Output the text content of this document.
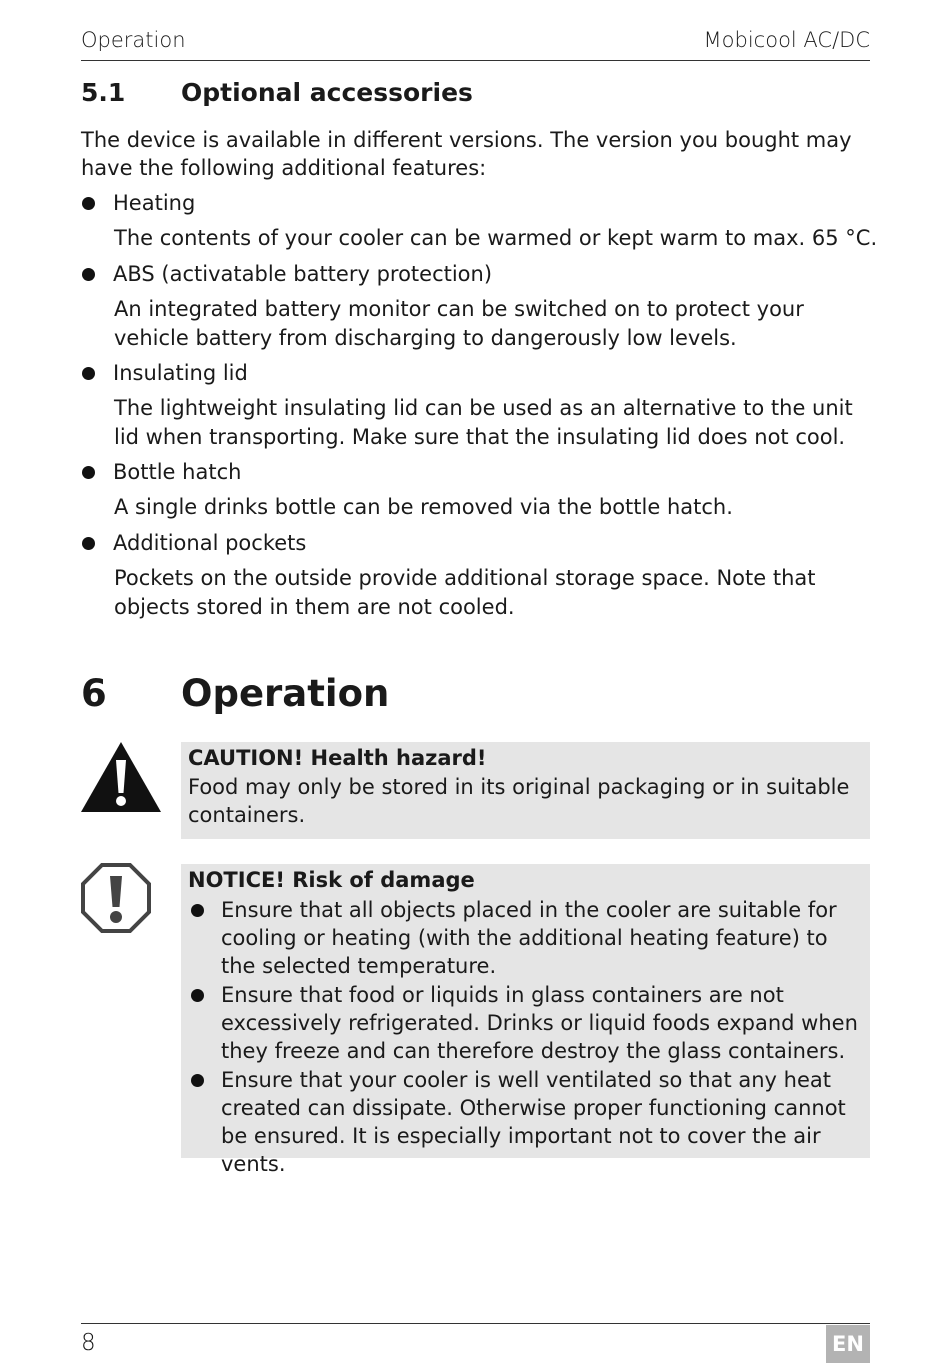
Operation	Mobicool AC/DC
5.1 Optional accessories
The device is available in different versions. The version you bought may have the following additional features:
Heating
The contents of your cooler can be warmed or kept warm to max. 65 °C.
ABS (activatable battery protection)
An integrated battery monitor can be switched on to protect your vehicle battery from discharging to dangerously low levels.
Insulating lid
The lightweight insulating lid can be used as an alternative to the unit lid when transporting. Make sure that the insulating lid does not cool.
Bottle hatch
A single drinks bottle can be removed via the bottle hatch.
Additional pockets
Pockets on the outside provide additional storage space. Note that objects stored in them are not cooled.
6 Operation
CAUTION! Health hazard!
Food may only be stored in its original packaging or in suitable containers.
NOTICE! Risk of damage
Ensure that all objects placed in the cooler are suitable for cooling or heating (with the additional heating feature) to the selected temperature.
Ensure that food or liquids in glass containers are not excessively refrigerated. Drinks or liquid foods expand when they freeze and can therefore destroy the glass containers.
Ensure that your cooler is well ventilated so that any heat created can dissipate. Otherwise proper functioning cannot be ensured. It is especially important not to cover the air vents.
8	EN
